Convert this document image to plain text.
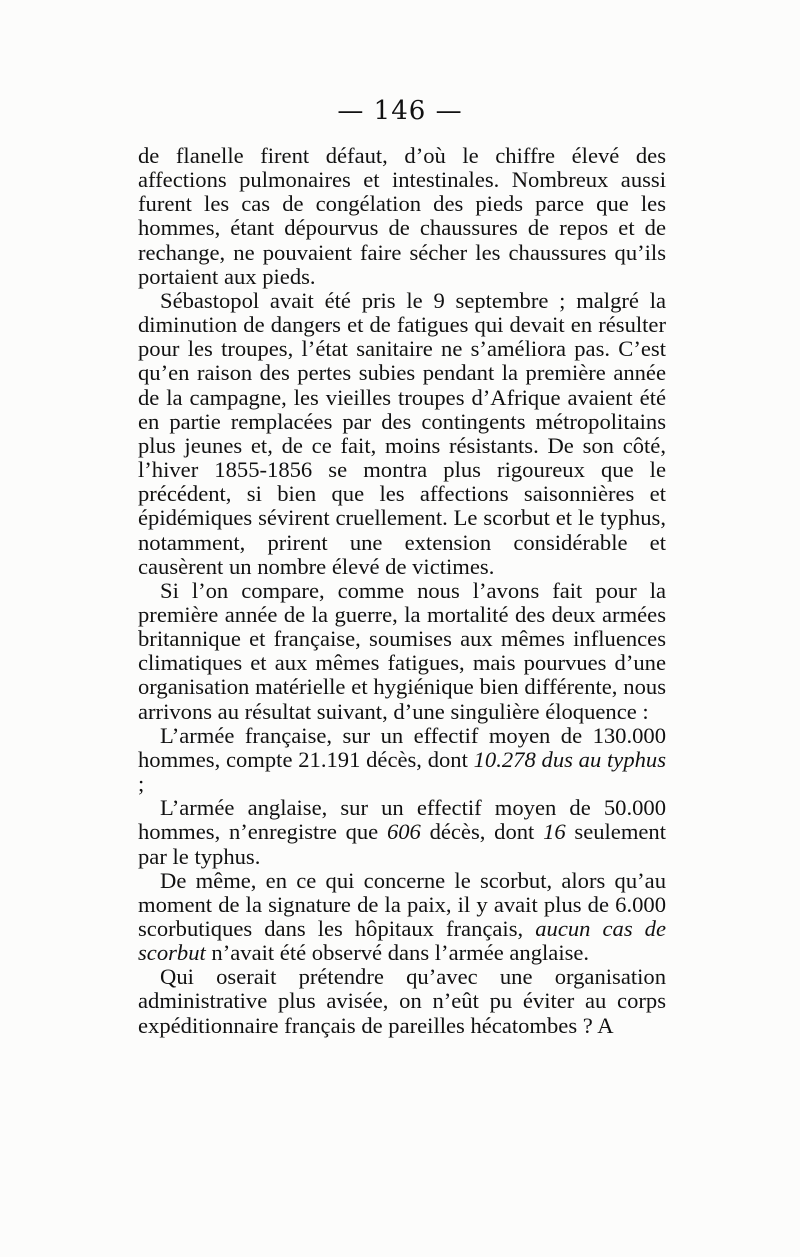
— 146 —

de flanelle firent défaut, d’où le chiffre élevé des affections pulmonaires et intestinales. Nombreux aussi furent les cas de congélation des pieds parce que les hommes, étant dépourvus de chaussures de repos et de rechange, ne pouvaient faire sécher les chaussures qu’ils portaient aux pieds.

Sébastopol avait été pris le 9 septembre ; malgré la diminution de dangers et de fatigues qui devait en résulter pour les troupes, l’état sanitaire ne s’améliora pas. C’est qu’en raison des pertes subies pendant la première année de la campagne, les vieilles troupes d’Afrique avaient été en partie remplacées par des contingents métropolitains plus jeunes et, de ce fait, moins résistants. De son côté, l’hiver 1855-1856 se montra plus rigoureux que le précédent, si bien que les affections saisonnières et épidémiques sévirent cruellement. Le scorbut et le typhus, notamment, prirent une extension considérable et causèrent un nombre élevé de victimes.

Si l’on compare, comme nous l’avons fait pour la première année de la guerre, la mortalité des deux armées britannique et française, soumises aux mêmes influences climatiques et aux mêmes fatigues, mais pourvues d’une organisation matérielle et hygiénique bien différente, nous arrivons au résultat suivant, d’une singulière éloquence :

L’armée française, sur un effectif moyen de 130.000 hommes, compte 21.191 décès, dont 10.278 dus au typhus ;

L’armée anglaise, sur un effectif moyen de 50.000 hommes, n’enregistre que 606 décès, dont 16 seulement par le typhus.

De même, en ce qui concerne le scorbut, alors qu’au moment de la signature de la paix, il y avait plus de 6.000 scorbutiques dans les hôpitaux français, aucun cas de scorbut n’avait été observé dans l’armée anglaise.

Qui oserait prétendre qu’avec une organisation administrative plus avisée, on n’eût pu éviter au corps expéditionnaire français de pareilles hécatombes ? A
